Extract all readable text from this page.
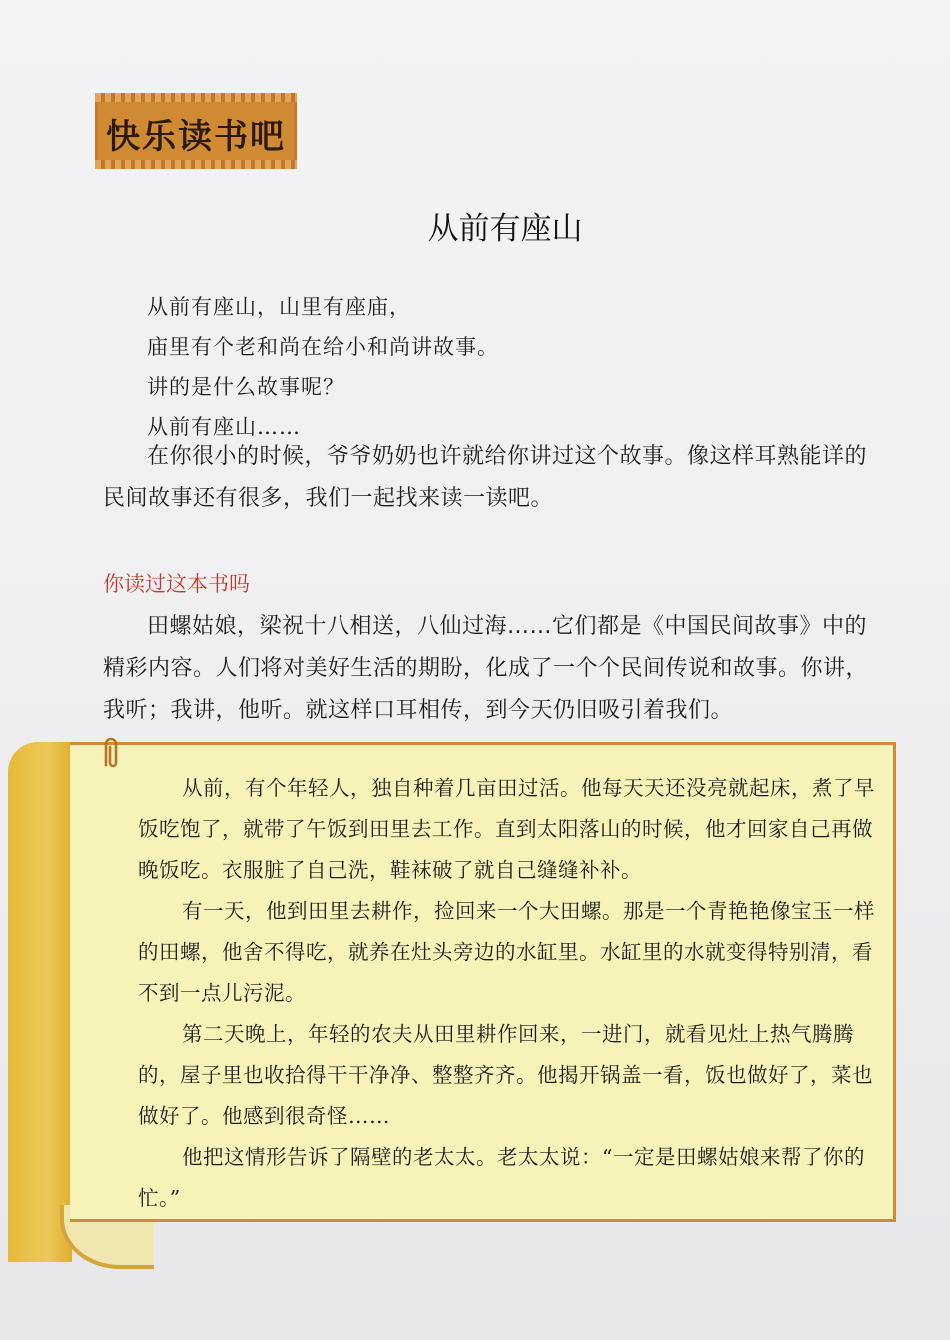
快乐读书吧
从前有座山
从前有座山，山里有座庙，
庙里有个老和尚在给小和尚讲故事。
讲的是什么故事呢？
从前有座山……

在你很小的时候，爷爷奶奶也许就给你讲过这个故事。像这样耳熟能详的民间故事还有很多，我们一起找来读一读吧。

你读过这本书吗

田螺姑娘，梁祝十八相送，八仙过海……它们都是《中国民间故事》中的精彩内容。人们将对美好生活的期盼，化成了一个个民间传说和故事。你讲，我听；我讲，他听。就这样口耳相传，到今天仍旧吸引着我们。

从前，有个年轻人，独自种着几亩田过活。他每天天还没亮就起床，煮了早饭吃饱了，就带了午饭到田里去工作。直到太阳落山的时候，他才回家自己再做晚饭吃。衣服脏了自己洗，鞋袜破了就自己缝缝补补。

有一天，他到田里去耕作，捡回来一个大田螺。那是一个青艳艳像宝玉一样的田螺，他舍不得吃，就养在灶头旁边的水缸里。水缸里的水就变得特别清，看不到一点儿污泥。

第二天晚上，年轻的农夫从田里耕作回来，一进门，就看见灶上热气腾腾的，屋子里也收拾得干干净净、整整齐齐。他揭开锅盖一看，饭也做好了，菜也做好了。他感到很奇怪……

他把这情形告诉了隔壁的老太太。老太太说：“一定是田螺姑娘来帮了你的忙。”
